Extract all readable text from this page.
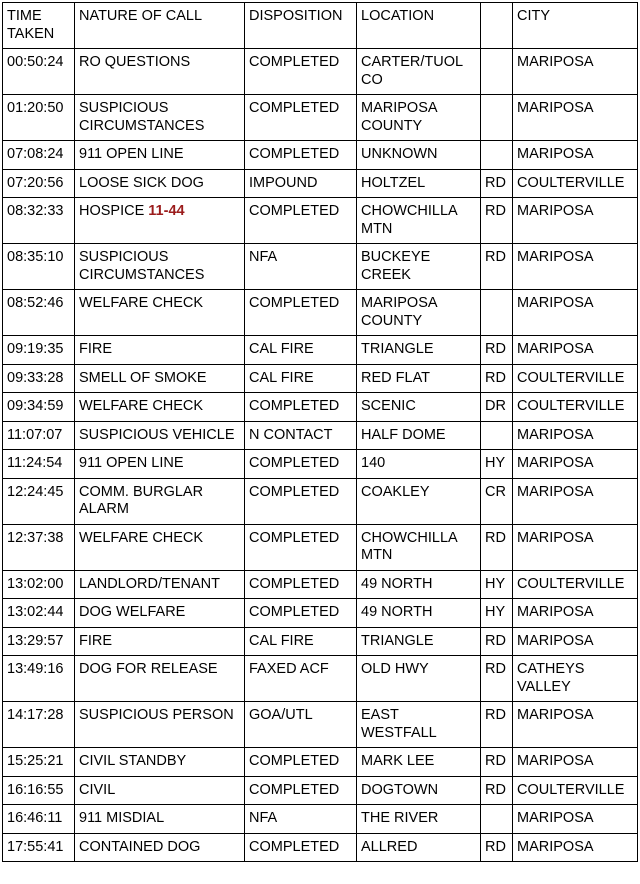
TIME TAKEN	NATURE OF CALL	DISPOSITION	LOCATION		CITY
00:50:24	RO QUESTIONS	COMPLETED	CARTER/TUOL CO		MARIPOSA
01:20:50	SUSPICIOUS CIRCUMSTANCES	COMPLETED	MARIPOSA COUNTY		MARIPOSA
07:08:24	911 OPEN LINE	COMPLETED	UNKNOWN		MARIPOSA
07:20:56	LOOSE SICK DOG	IMPOUND	HOLTZEL	RD	COULTERVILLE
08:32:33	HOSPICE 11-44	COMPLETED	CHOWCHILLA MTN	RD	MARIPOSA
08:35:10	SUSPICIOUS CIRCUMSTANCES	NFA	BUCKEYE CREEK	RD	MARIPOSA
08:52:46	WELFARE CHECK	COMPLETED	MARIPOSA COUNTY		MARIPOSA
09:19:35	FIRE	CAL FIRE	TRIANGLE	RD	MARIPOSA
09:33:28	SMELL OF SMOKE	CAL FIRE	RED FLAT	RD	COULTERVILLE
09:34:59	WELFARE CHECK	COMPLETED	SCENIC	DR	COULTERVILLE
11:07:07	SUSPICIOUS VEHICLE	N CONTACT	HALF DOME		MARIPOSA
11:24:54	911 OPEN LINE	COMPLETED	140	HY	MARIPOSA
12:24:45	COMM. BURGLAR ALARM	COMPLETED	COAKLEY	CR	MARIPOSA
12:37:38	WELFARE CHECK	COMPLETED	CHOWCHILLA MTN	RD	MARIPOSA
13:02:00	LANDLORD/TENANT	COMPLETED	49 NORTH	HY	COULTERVILLE
13:02:44	DOG WELFARE	COMPLETED	49 NORTH	HY	MARIPOSA
13:29:57	FIRE	CAL FIRE	TRIANGLE	RD	MARIPOSA
13:49:16	DOG FOR RELEASE	FAXED ACF	OLD HWY	RD	CATHEYS VALLEY
14:17:28	SUSPICIOUS PERSON	GOA/UTL	EAST WESTFALL	RD	MARIPOSA
15:25:21	CIVIL STANDBY	COMPLETED	MARK LEE	RD	MARIPOSA
16:16:55	CIVIL	COMPLETED	DOGTOWN	RD	COULTERVILLE
16:46:11	911 MISDIAL	NFA	THE RIVER		MARIPOSA
17:55:41	CONTAINED DOG	COMPLETED	ALLRED	RD	MARIPOSA
